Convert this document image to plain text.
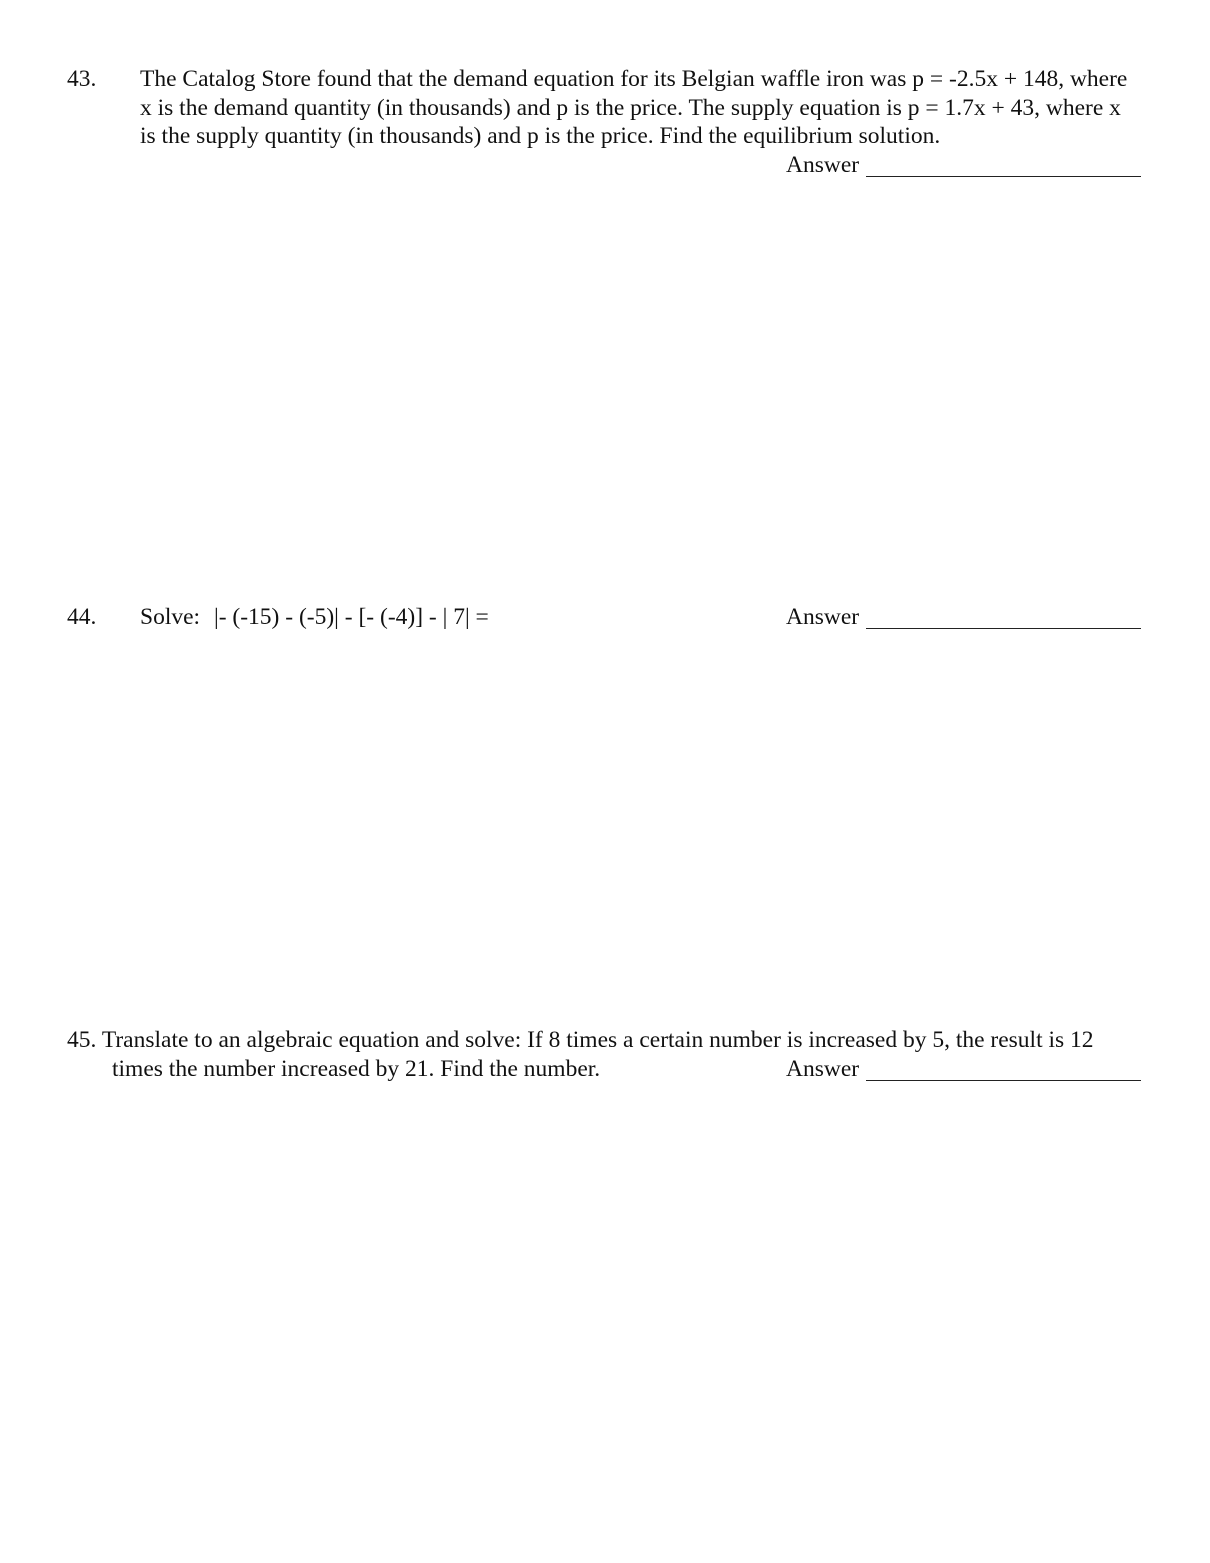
43. The Catalog Store found that the demand equation for its Belgian waffle iron was p = -2.5x + 148, where
x is the demand quantity (in thousands) and p is the price. The supply equation is p = 1.7x + 43, where x
is the supply quantity (in thousands) and p is the price. Find the equilibrium solution.
Answer
44. Solve: |- (-15) - (-5)| - [- (-4)] - | 7| =	Answer
45. Translate to an algebraic equation and solve: If 8 times a certain number is increased by 5, the result is 12
times the number increased by 21. Find the number.	Answer
